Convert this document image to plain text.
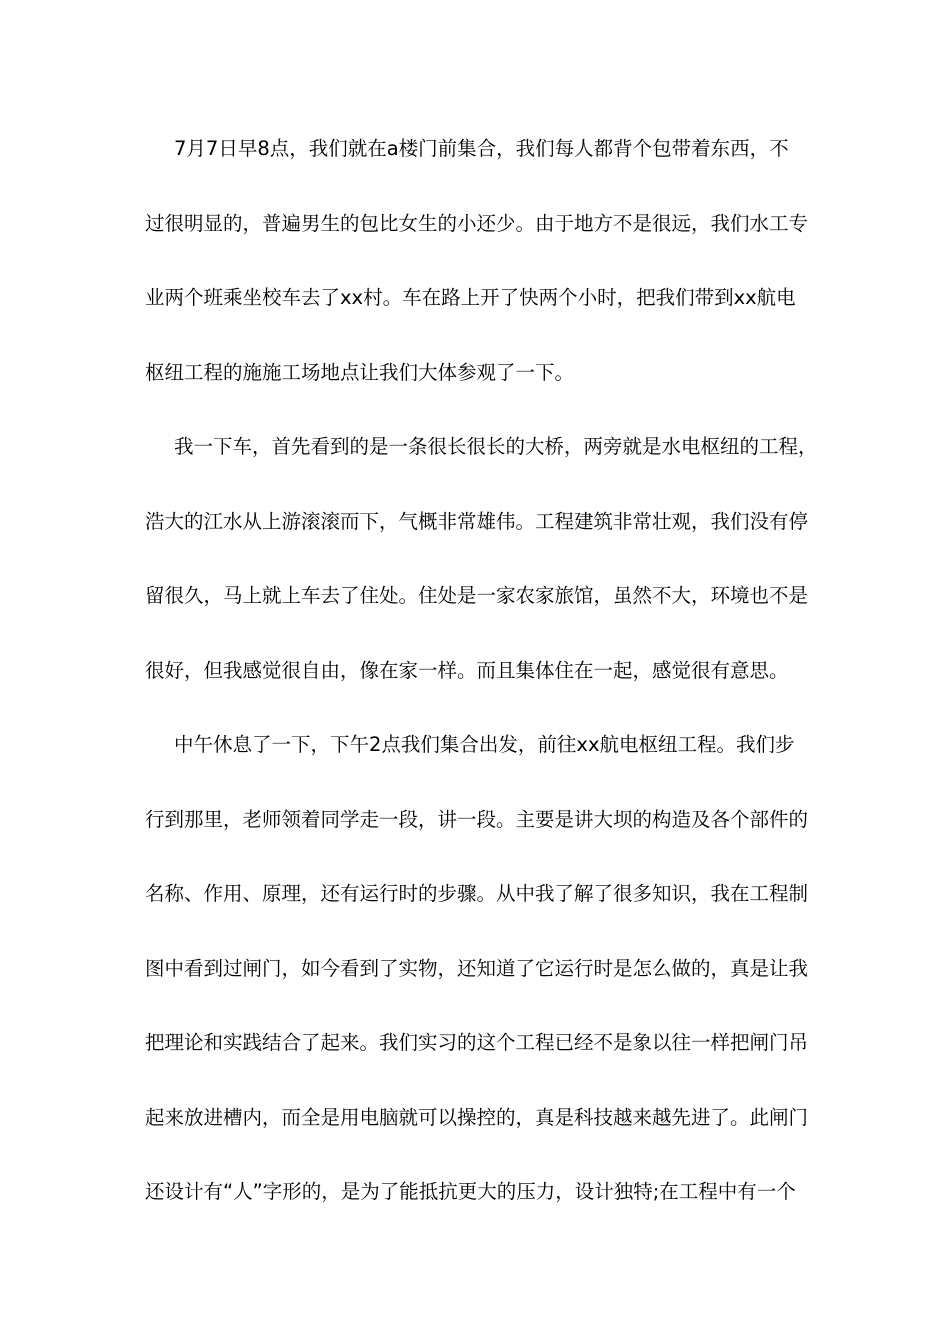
7月7日早8点，我们就在a楼门前集合，我们每人都背个包带着东西，不
过很明显的，普遍男生的包比女生的小还少。由于地方不是很远，我们水工专
业两个班乘坐校车去了xx村。车在路上开了快两个小时，把我们带到xx航电
枢纽工程的施施工场地点让我们大体参观了一下。
我一下车，首先看到的是一条很长很长的大桥，两旁就是水电枢纽的工程，
浩大的江水从上游滚滚而下，气概非常雄伟。工程建筑非常壮观，我们没有停
留很久，马上就上车去了住处。住处是一家农家旅馆，虽然不大，环境也不是
很好，但我感觉很自由，像在家一样。而且集体住在一起，感觉很有意思。
中午休息了一下，下午2点我们集合出发，前往xx航电枢纽工程。我们步
行到那里，老师领着同学走一段，讲一段。主要是讲大坝的构造及各个部件的
名称、作用、原理，还有运行时的步骤。从中我了解了很多知识，我在工程制
图中看到过闸门，如今看到了实物，还知道了它运行时是怎么做的，真是让我
把理论和实践结合了起来。我们实习的这个工程已经不是象以往一样把闸门吊
起来放进槽内，而全是用电脑就可以操控的，真是科技越来越先进了。此闸门
还设计有“人”字形的，是为了能抵抗更大的压力，设计独特;在工程中有一个
